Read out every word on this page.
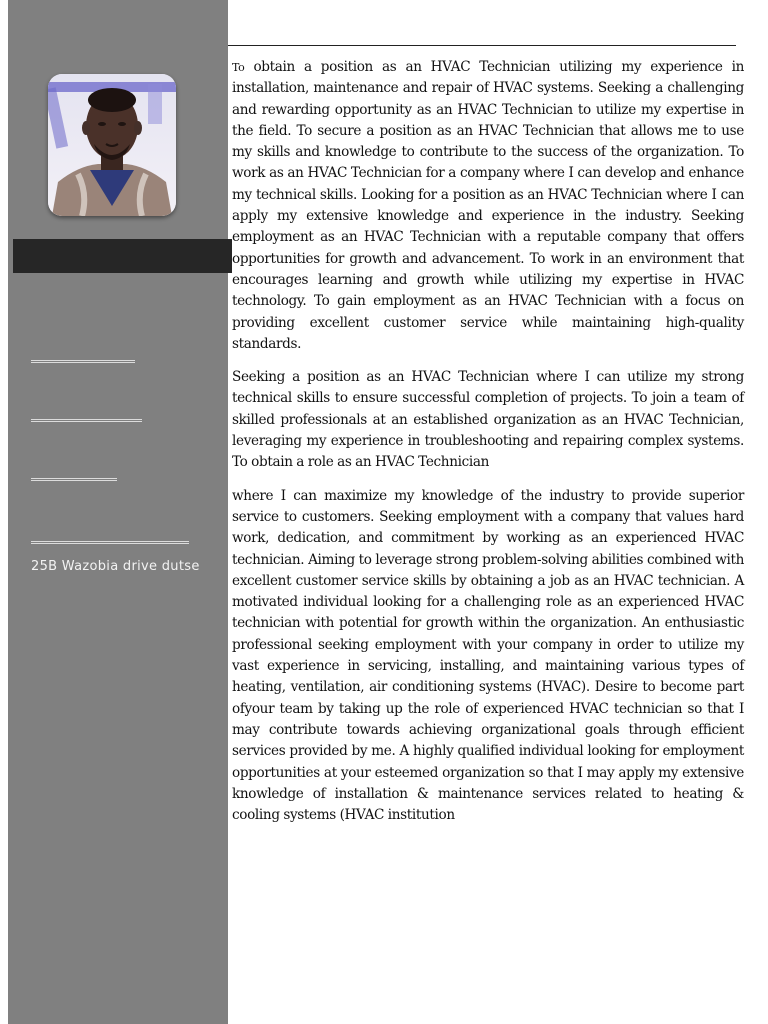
25B Wazobia drive dutse

To obtain a position as an HVAC Technician utilizing my experience in installation, maintenance and repair of HVAC systems. Seeking a challenging and rewarding opportunity as an HVAC Technician to utilize my expertise in the field. To secure a position as an HVAC Technician that allows me to use my skills and knowledge to contribute to the success of the organization. To work as an HVAC Technician for a company where I can develop and enhance my technical skills. Looking for a position as an HVAC Technician where I can apply my extensive knowledge and experience in the industry. Seeking employment as an HVAC Technician with a reputable company that offers opportunities for growth and advancement. To work in an environment that encourages learning and growth while utilizing my expertise in HVAC technology. To gain employment as an HVAC Technician with a focus on providing excellent customer service while maintaining high-quality standards.

Seeking a position as an HVAC Technician where I can utilize my strong technical skills to ensure successful completion of projects. To join a team of skilled professionals at an established organization as an HVAC Technician, leveraging my experience in troubleshooting and repairing complex systems. To obtain a role as an HVAC Technician

where I can maximize my knowledge of the industry to provide superior service to customers. Seeking employment with a company that values hard work, dedication, and commitment by working as an experienced HVAC technician. Aiming to leverage strong problem-solving abilities combined with excellent customer service skills by obtaining a job as an HVAC technician. A motivated individual looking for a challenging role as an experienced HVAC technician with potential for growth within the organization. An enthusiastic professional seeking employment with your company in order to utilize my vast experience in servicing, installing, and maintaining various types of heating, ventilation, air conditioning systems (HVAC). Desire to become part ofyour team by taking up the role of experienced HVAC technician so that I may contribute towards achieving organizational goals through efficient services provided by me. A highly qualified individual looking for employment opportunities at your esteemed organization so that I may apply my extensive knowledge of installation & maintenance services related to heating & cooling systems (HVAC institution
